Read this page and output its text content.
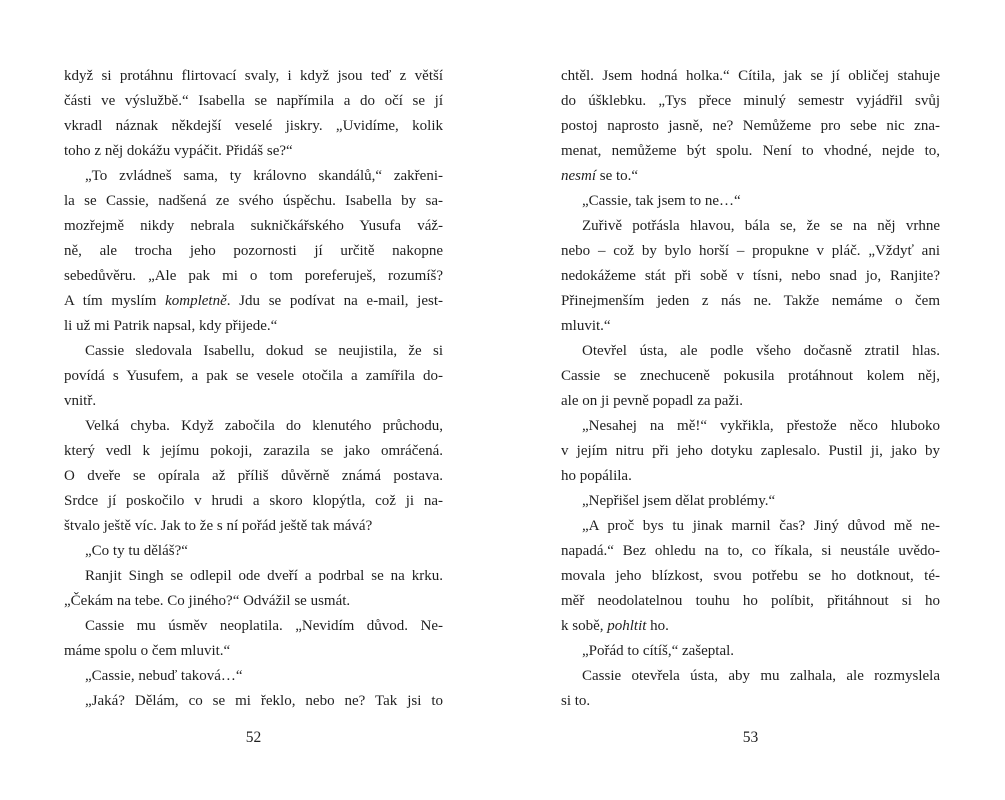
když si protáhnu flirtovací svaly, i když jsou teď z větší
části ve výslužbě.“ Isabella se napřímila a do očí se jí
vkradl náznak někdejší veselé jiskry. „Uvidíme, kolik
toho z něj dokážu vypáčit. Přidáš se?“
„To zvládneš sama, ty královno skandálů,“ zakřeni-
la se Cassie, nadšená ze svého úspěchu. Isabella by sa-
mozřejmě nikdy nebrala sukničkářského Yusufa váž-
ně, ale trocha jeho pozornosti jí určitě nakopne
sebedůvěru. „Ale pak mi o tom poreferuješ, rozumíš?
A tím myslím kompletně. Jdu se podívat na e-mail, jest-
li už mi Patrik napsal, kdy přijede.“
Cassie sledovala Isabellu, dokud se neujistila, že si
povídá s Yusufem, a pak se vesele otočila a zamířila do-
vnitř.
Velká chyba. Když zabočila do klenutého průchodu,
který vedl k jejímu pokoji, zarazila se jako omráčená.
O dveře se opírala až příliš důvěrně známá postava.
Srdce jí poskočilo v hrudi a skoro klopýtla, což ji na-
štvalo ještě víc. Jak to že s ní pořád ještě tak mává?
„Co ty tu děláš?“
Ranjit Singh se odlepil ode dveří a podrbal se na krku.
„Čekám na tebe. Co jiného?“ Odvážil se usmát.
Cassie mu úsměv neoplatila. „Nevidím důvod. Ne-
máme spolu o čem mluvit.“
„Cassie, nebuď taková…“
„Jaká? Dělám, co se mi řeklo, nebo ne? Tak jsi to
52
chtěl. Jsem hodná holka.“ Cítila, jak se jí obličej stahuje
do úšklebku. „Tys přece minulý semestr vyjádřil svůj
postoj naprosto jasně, ne? Nemůžeme pro sebe nic zna-
menat, nemůžeme být spolu. Není to vhodné, nejde to,
nesmí se to.“
„Cassie, tak jsem to ne…“
Zuřivě potřásla hlavou, bála se, že se na něj vrhne
nebo – což by bylo horší – propukne v pláč. „Vždyť ani
nedokážeme stát při sobě v tísni, nebo snad jo, Ranjite?
Přinejmenším jeden z nás ne. Takže nemáme o čem
mluvit.“
Otevřel ústa, ale podle všeho dočasně ztratil hlas.
Cassie se znechuceně pokusila protáhnout kolem něj,
ale on ji pevně popadl za paži.
„Nesahej na mě!“ vykřikla, přestože něco hluboko
v jejím nitru při jeho dotyku zaplesalo. Pustil ji, jako by
ho popálila.
„Nepřišel jsem dělat problémy.“
„A proč bys tu jinak marnil čas? Jiný důvod mě ne-
napadá.“ Bez ohledu na to, co říkala, si neustále uvědo-
movala jeho blízkost, svou potřebu se ho dotknout, té-
měř neodolatelnou touhu ho políbit, přitáhnout si ho
k sobě, pohltit ho.
„Pořád to cítíš,“ zašeptal.
Cassie otevřela ústa, aby mu zalhala, ale rozmyslela
si to.
53
